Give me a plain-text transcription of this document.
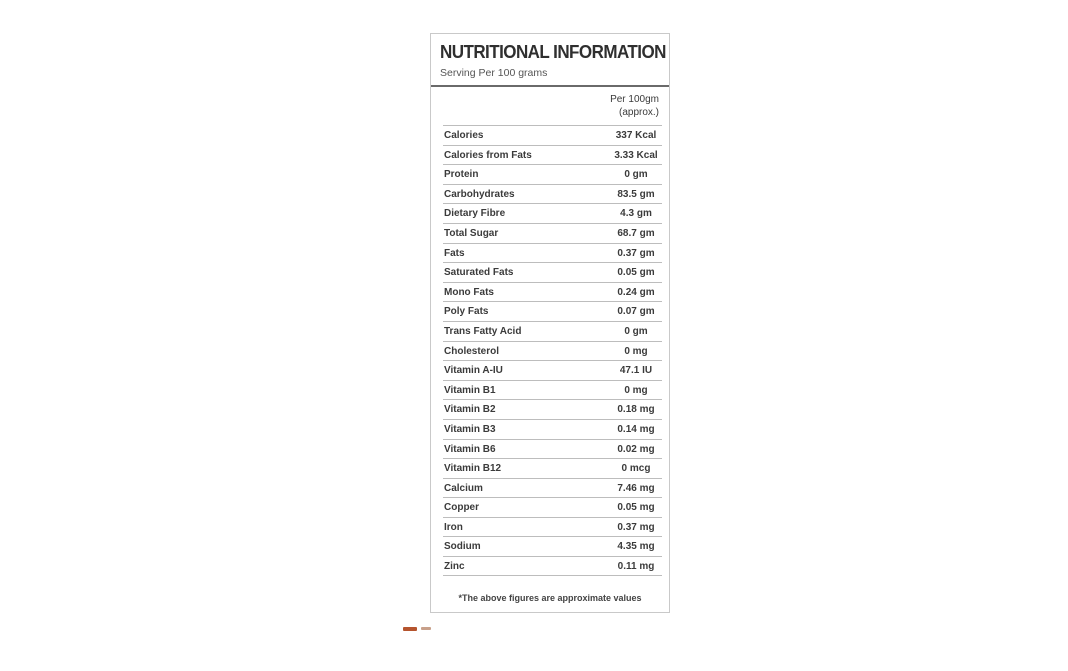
NUTRITIONAL INFORMATION
Serving Per 100 grams
Per 100gm
(approx.)
Calories	337 Kcal
Calories from Fats	3.33 Kcal
Protein	0 gm
Carbohydrates	83.5 gm
Dietary Fibre	4.3 gm
Total Sugar	68.7 gm
Fats	0.37 gm
Saturated Fats	0.05 gm
Mono Fats	0.24 gm
Poly Fats	0.07 gm
Trans Fatty Acid	0 gm
Cholesterol	0 mg
Vitamin A-IU	47.1 IU
Vitamin B1	0 mg
Vitamin B2	0.18 mg
Vitamin B3	0.14 mg
Vitamin B6	0.02 mg
Vitamin B12	0 mcg
Calcium	7.46 mg
Copper	0.05 mg
Iron	0.37 mg
Sodium	4.35 mg
Zinc	0.11 mg
*The above figures are approximate values
